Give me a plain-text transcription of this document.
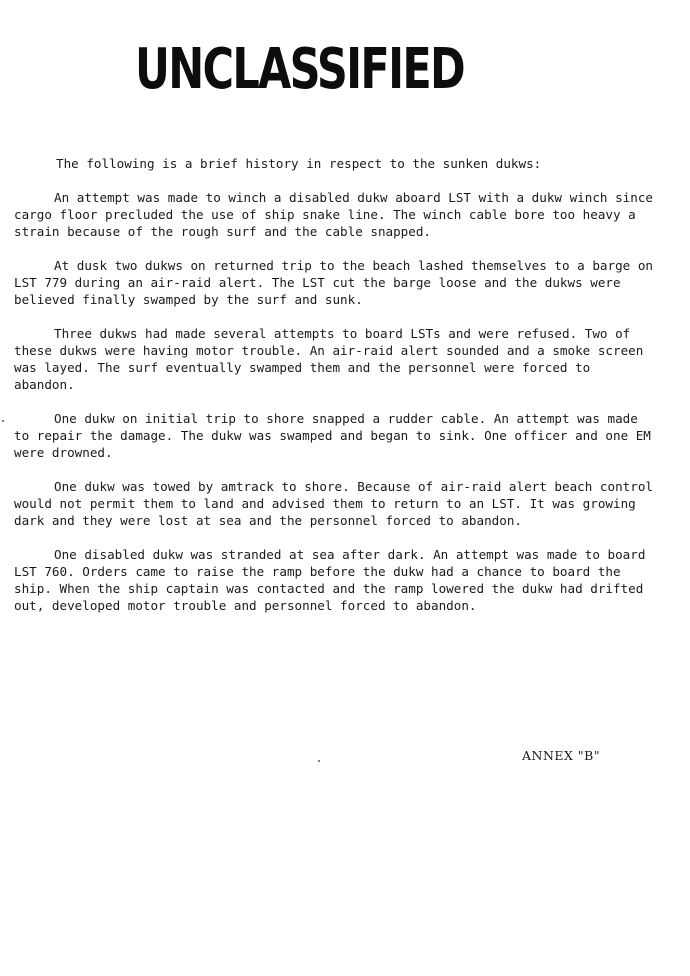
UNCLASSIFIED

The following is a brief history in respect to the sunken dukws:

An attempt was made to winch a disabled dukw aboard LST with a dukw winch since cargo floor precluded the use of ship snake line. The winch cable bore too heavy a strain because of the rough surf and the cable snapped.

At dusk two dukws on returned trip to the beach lashed themselves to a barge on LST 779 during an air-raid alert. The LST cut the barge loose and the dukws were believed finally swamped by the surf and sunk.

Three dukws had made several attempts to board LSTs and were refused. Two of these dukws were having motor trouble. An air-raid alert sounded and a smoke screen was layed. The surf eventually swamped them and the personnel were forced to abandon.

One dukw on initial trip to shore snapped a rudder cable. An attempt was made to repair the damage. The dukw was swamped and began to sink. One officer and one EM were drowned.

One dukw was towed by amtrack to shore. Because of air-raid alert beach control would not permit them to land and advised them to return to an LST. It was growing dark and they were lost at sea and the personnel forced to abandon.

One disabled dukw was stranded at sea after dark. An attempt was made to board LST 760. Orders came to raise the ramp before the dukw had a chance to board the ship. When the ship captain was contacted and the ramp lowered the dukw had drifted out, developed motor trouble and personnel forced to abandon.

ANNEX "B"
